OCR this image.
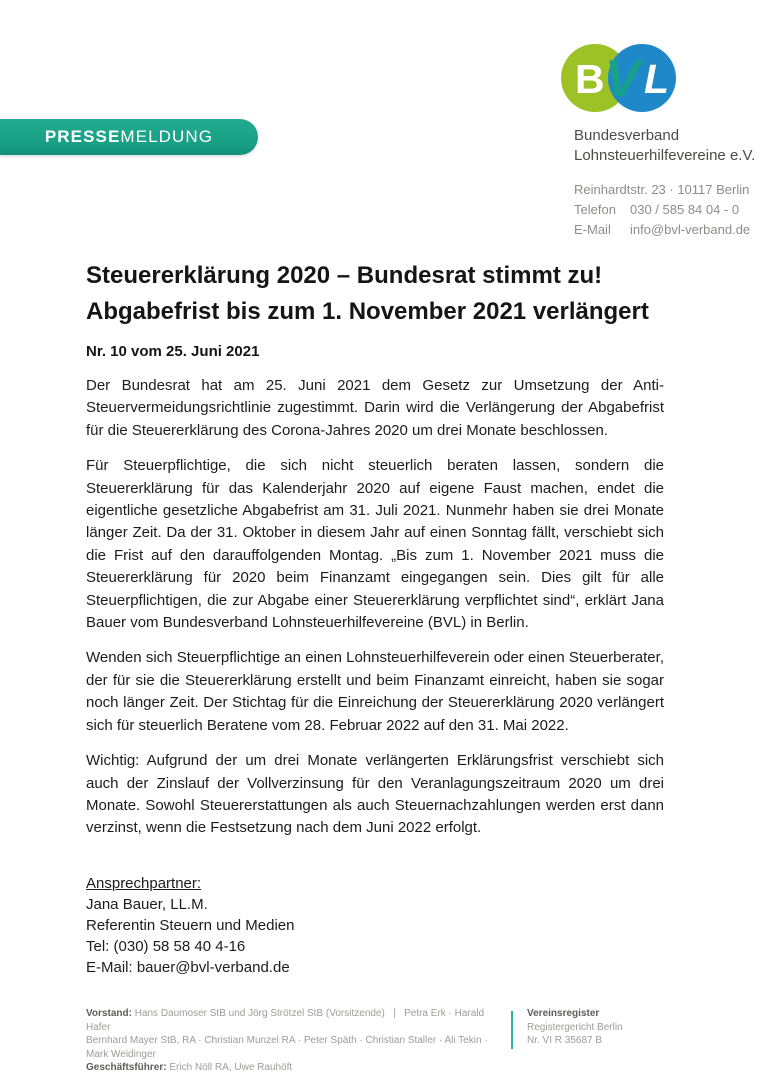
PRESSE MELDUNG
B V L
Bundesverband
Lohnsteuerhilfevereine e.V.
Reinhardtstr. 23 · 10117 Berlin
Telefon	030 / 585 84 04 - 0
E-Mail	info@bvl-verband.de
Steuererklärung 2020 – Bundesrat stimmt zu!
Abgabefrist bis zum 1. November 2021 verlängert
Nr. 10 vom 25. Juni 2021

Der Bundesrat hat am 25. Juni 2021 dem Gesetz zur Umsetzung der Anti-Steuervermeidungsrichtlinie zugestimmt. Darin wird die Verlängerung der Abgabefrist für die Steuererklärung des Corona-Jahres 2020 um drei Monate beschlossen.

Für Steuerpflichtige, die sich nicht steuerlich beraten lassen, sondern die Steuererklärung für das Kalenderjahr 2020 auf eigene Faust machen, endet die eigentliche gesetzliche Abgabefrist am 31. Juli 2021. Nunmehr haben sie drei Monate länger Zeit. Da der 31. Oktober in diesem Jahr auf einen Sonntag fällt, verschiebt sich die Frist auf den darauffolgenden Montag. „Bis zum 1. November 2021 muss die Steuererklärung für 2020 beim Finanzamt eingegangen sein. Dies gilt für alle Steuerpflichtigen, die zur Abgabe einer Steuererklärung verpflichtet sind“, erklärt Jana Bauer vom Bundesverband Lohnsteuerhilfevereine (BVL) in Berlin.

Wenden sich Steuerpflichtige an einen Lohnsteuerhilfeverein oder einen Steuerberater, der für sie die Steuererklärung erstellt und beim Finanzamt einreicht, haben sie sogar noch länger Zeit. Der Stichtag für die Einreichung der Steuererklärung 2020 verlängert sich für steuerlich Beratene vom 28. Februar 2022 auf den 31. Mai 2022.

Wichtig: Aufgrund der um drei Monate verlängerten Erklärungsfrist verschiebt sich auch der Zinslauf der Vollverzinsung für den Veranlagungszeitraum 2020 um drei Monate. Sowohl Steuererstattungen als auch Steuernachzahlungen werden erst dann verzinst, wenn die Festsetzung nach dem Juni 2022 erfolgt.

Ansprechpartner:
Jana Bauer, LL.M.
Referentin Steuern und Medien
Tel: (030) 58 58 40 4-16
E-Mail: bauer@bvl-verband.de
Vorstand: Hans Daumoser StB und Jörg Strötzel StB (Vorsitzende)   |   Petra Erk · Harald Hafer
Bernhard Mayer StB, RA · Christian Munzel RA · Peter Späth · Christian Staller · Ali Tekin · Mark Weidinger
Geschäftsführer: Erich Nöll RA, Uwe Rauhöft
Vereinsregister
Registergericht Berlin
Nr. VI R 35687 B
